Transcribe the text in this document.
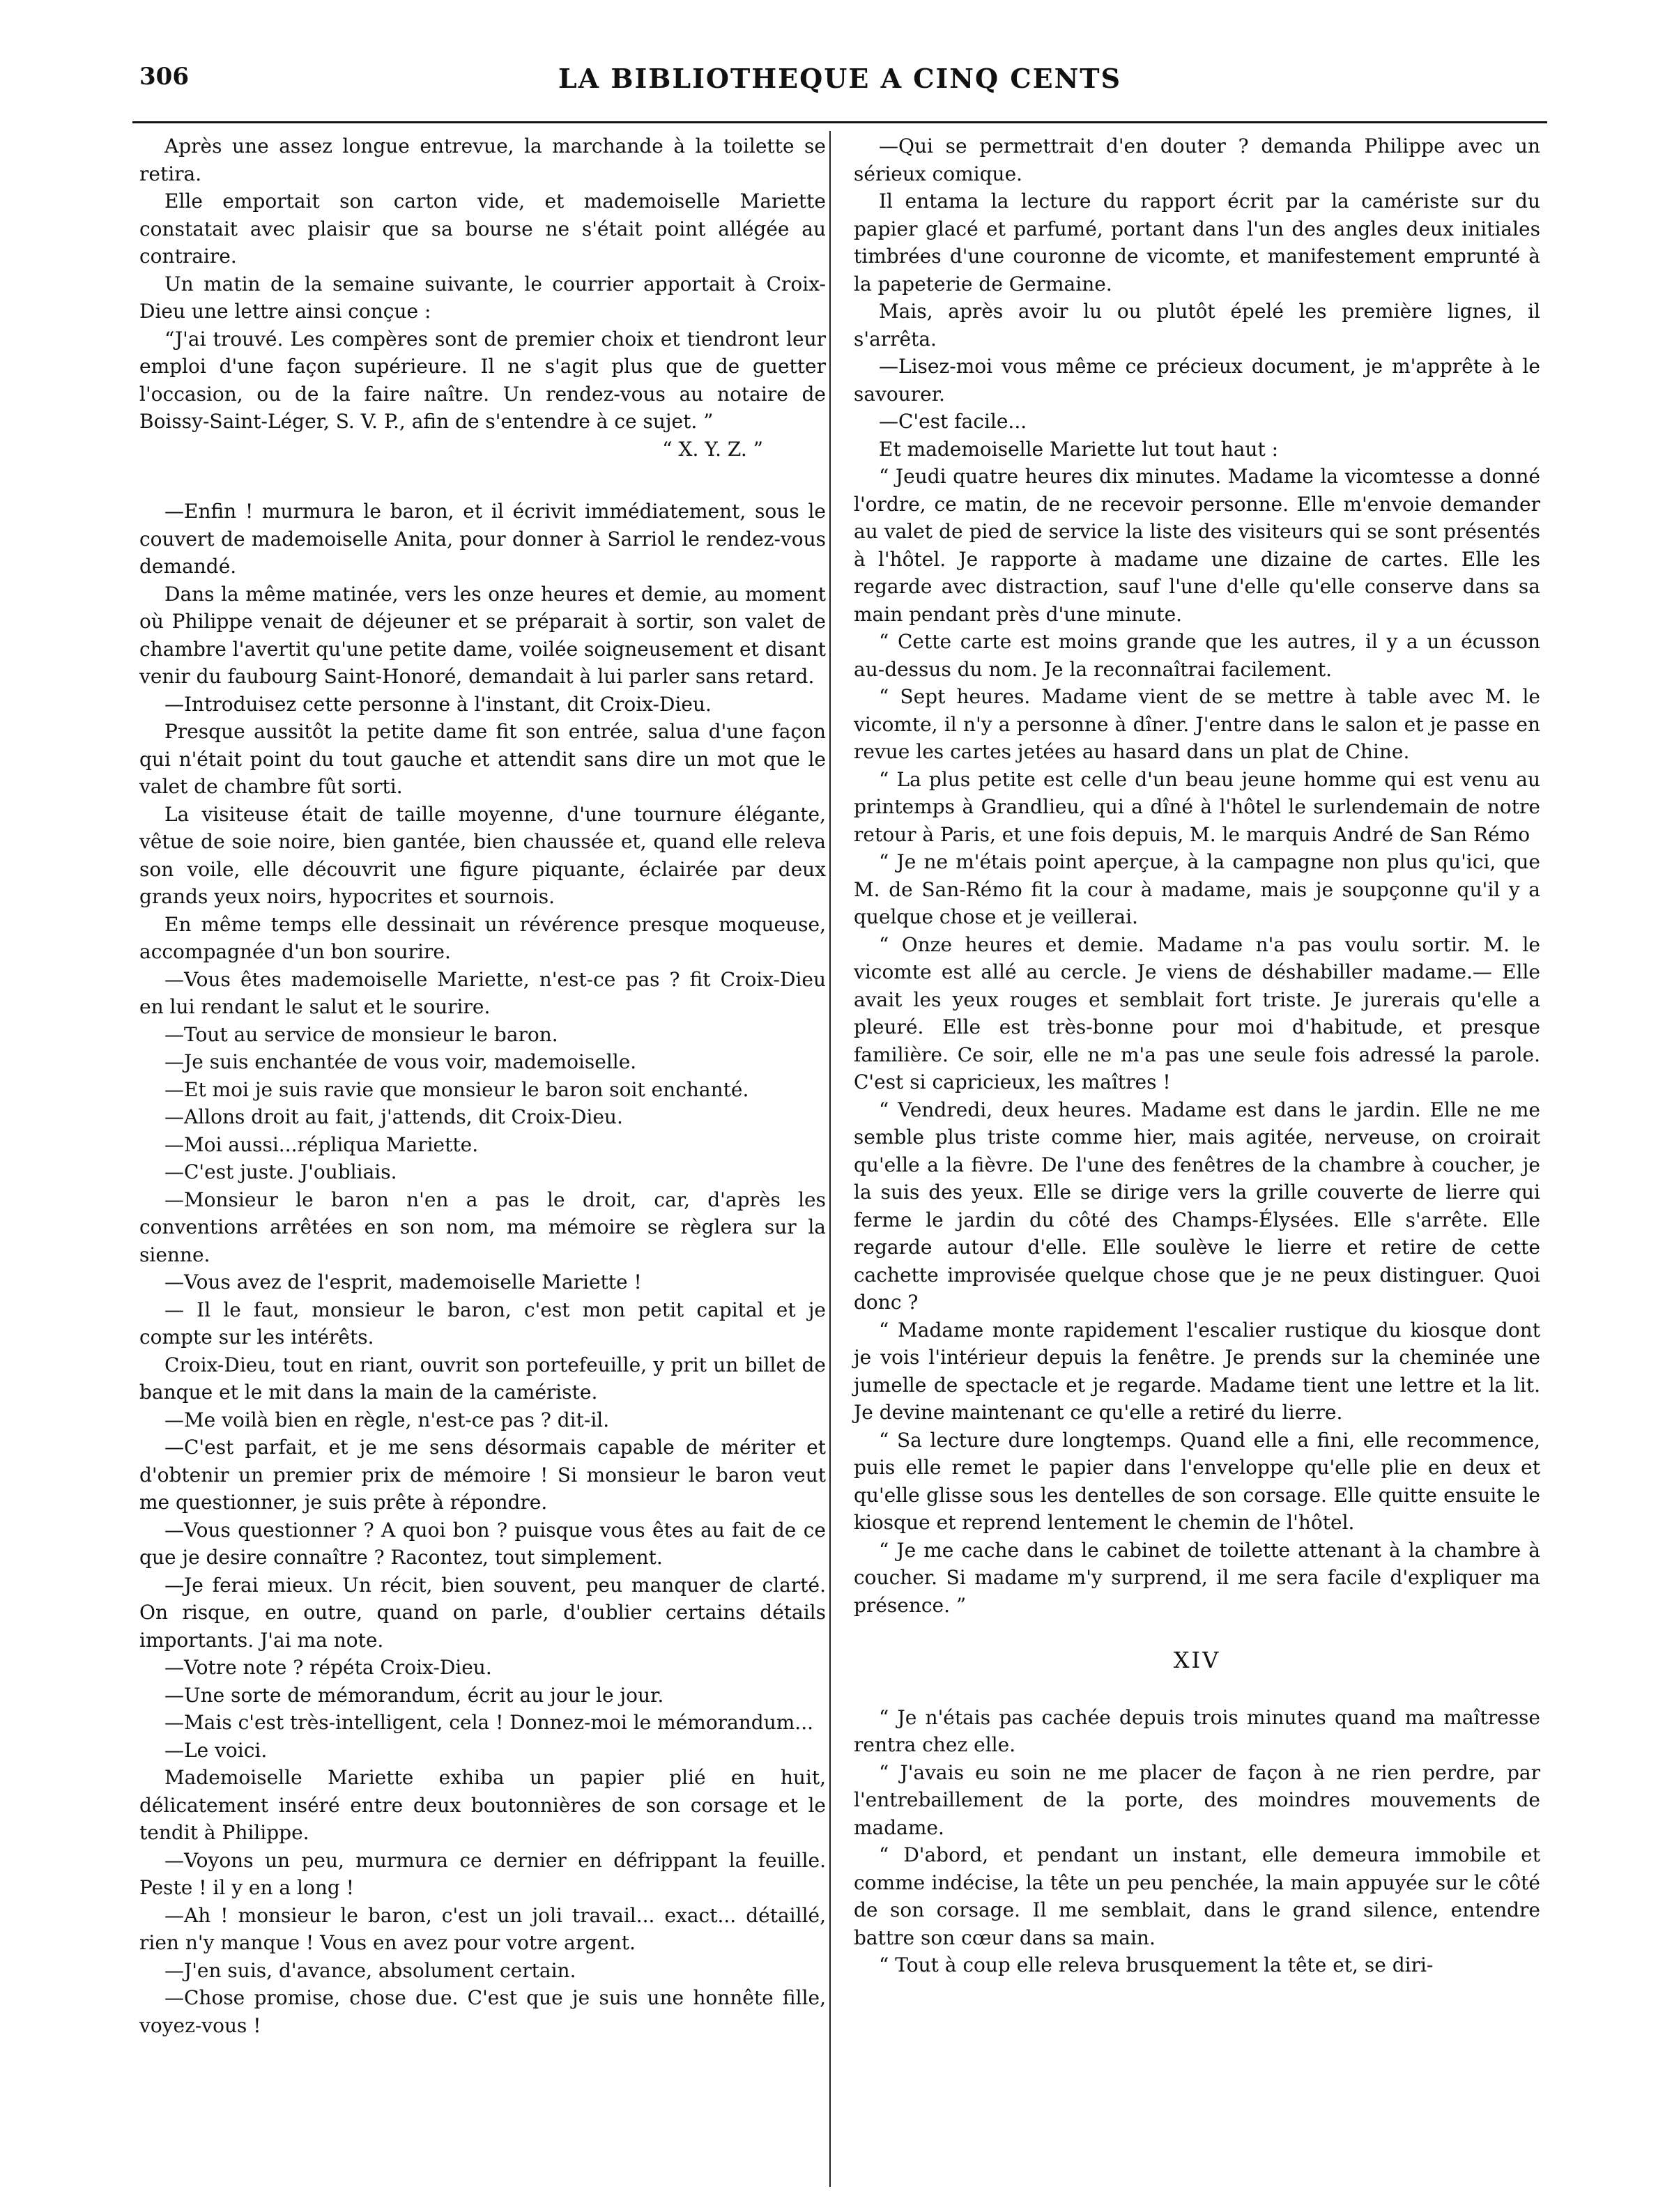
306	LA BIBLIOTHEQUE A CINQ CENTS

Après une assez longue entrevue, la marchande à la toilette se retira.

Elle emportait son carton vide, et mademoiselle Mariette constatait avec plaisir que sa bourse ne s'était point allégée au contraire.

Un matin de la semaine suivante, le courrier apportait à Croix-Dieu une lettre ainsi conçue :

“J'ai trouvé. Les compères sont de premier choix et tiendront leur emploi d'une façon supérieure. Il ne s'agit plus que de guetter l'occasion, ou de la faire naître. Un rendez-vous au notaire de Boissy-Saint-Léger, S. V. P., afin de s'entendre à ce sujet. ”

“ X. Y. Z. ”

—Enfin ! murmura le baron, et il écrivit immédiatement, sous le couvert de mademoiselle Anita, pour donner à Sarriol le rendez-vous demandé.

Dans la même matinée, vers les onze heures et demie, au moment où Philippe venait de déjeuner et se préparait à sortir, son valet de chambre l'avertit qu'une petite dame, voilée soigneusement et disant venir du faubourg Saint-Honoré, demandait à lui parler sans retard.

—Introduisez cette personne à l'instant, dit Croix-Dieu.

Presque aussitôt la petite dame fit son entrée, salua d'une façon qui n'était point du tout gauche et attendit sans dire un mot que le valet de chambre fût sorti.

La visiteuse était de taille moyenne, d'une tournure élégante, vêtue de soie noire, bien gantée, bien chaussée et, quand elle releva son voile, elle découvrit une figure piquante, éclairée par deux grands yeux noirs, hypocrites et sournois.

En même temps elle dessinait un révérence presque moqueuse, accompagnée d'un bon sourire.

—Vous êtes mademoiselle Mariette, n'est-ce pas ? fit Croix-Dieu en lui rendant le salut et le sourire.

—Tout au service de monsieur le baron.

—Je suis enchantée de vous voir, mademoiselle.

—Et moi je suis ravie que monsieur le baron soit enchanté.

—Allons droit au fait, j'attends, dit Croix-Dieu.

—Moi aussi...répliqua Mariette.

—C'est juste. J'oubliais.

—Monsieur le baron n'en a pas le droit, car, d'après les conventions arrêtées en son nom, ma mémoire se règlera sur la sienne.

—Vous avez de l'esprit, mademoiselle Mariette !

— Il le faut, monsieur le baron, c'est mon petit capital et je compte sur les intérêts.

Croix-Dieu, tout en riant, ouvrit son portefeuille, y prit un billet de banque et le mit dans la main de la caméristе.

—Me voilà bien en règle, n'est-ce pas ? dit-il.

—C'est parfait, et je me sens désormais capable de mériter et d'obtenir un premier prix de mémoire ! Si monsieur le baron veut me questionner, je suis prête à répondre.

—Vous questionner ? A quoi bon ? puisque vous êtes au fait de ce que je desire connaître ? Racontez, tout simplement.

—Je ferai mieux. Un récit, bien souvent, peu manquer de clarté. On risque, en outre, quand on parle, d'oublier certains détails importants. J'ai ma note.

—Votre note ? répéta Croix-Dieu.

—Une sorte de mémorandum, écrit au jour le jour.

—Mais c'est très-intelligent, cela ! Donnez-moi le mémorandum...

—Le voici.

Mademoiselle Mariette exhiba un papier plié en huit, délicatement inséré entre deux boutonnières de son corsage et le tendit à Philippe.

—Voyons un peu, murmura ce dernier en défrippant la feuille. Peste ! il y en a long !

—Ah ! monsieur le baron, c'est un joli travail... exact... détaillé, rien n'y manque ! Vous en avez pour votre argent.

—J'en suis, d'avance, absolument certain.

—Chose promise, chose due. C'est que je suis une honnête fille, voyez-vous !

—Qui se permettrait d'en douter ? demanda Philippe avec un sérieux comique.

Il entama la lecture du rapport écrit par la caméristе sur du papier glacé et parfumé, portant dans l'un des angles deux initiales timbrées d'une couronne de vicomte, et manifestement emprunté à la papeterie de Germaine.

Mais, après avoir lu ou plutôt épelé les première lignes, il s'arrêta.

—Lisez-moi vous même ce précieux document, je m'apprête à le savourer.

—C'est facile...

Et mademoiselle Mariette lut tout haut :

“ Jeudi quatre heures dix minutes. Madame la vicomtesse a donné l'ordre, ce matin, de ne recevoir personne. Elle m'envoie demander au valet de pied de service la liste des visiteurs qui se sont présentés à l'hôtel. Je rapporte à madame une dizaine de cartes. Elle les regarde avec distraction, sauf l'une d'elle qu'elle conserve dans sa main pendant près d'une minute.

“ Cette carte est moins grande que les autres, il y a un écusson au-dessus du nom. Je la reconnaîtrai facilement.

“ Sept heures. Madame vient de se mettre à table avec M. le vicomte, il n'y a personne à dîner. J'entre dans le salon et je passe en revue les cartes jetées au hasard dans un plat de Chine.

“ La plus petite est celle d'un beau jeune homme qui est venu au printemps à Grandlieu, qui a dîné à l'hôtel le surlendemain de notre retour à Paris, et une fois depuis, M. le marquis André de San Rémo

“ Je ne m'étais point aperçue, à la campagne non plus qu'ici, que M. de San-Rémo fit la cour à madame, mais je soupçonne qu'il y a quelque chose et je veillerai.

“ Onze heures et demie. Madame n'a pas voulu sortir. M. le vicomte est allé au cercle. Je viens de déshabiller madame.— Elle avait les yeux rouges et semblait fort triste. Je jurerais qu'elle a pleuré. Elle est très-bonne pour moi d'habitude, et presque familière. Ce soir, elle ne m'a pas une seule fois adressé la parole. C'est si capricieux, les maîtres !

“ Vendredi, deux heures. Madame est dans le jardin. Elle ne me semble plus triste comme hier, mais agitée, nerveuse, on croirait qu'elle a la fièvre. De l'une des fenêtres de la chambre à coucher, je la suis des yeux. Elle se dirige vers la grille couverte de lierre qui ferme le jardin du côté des Champs-Élysées. Elle s'arrête. Elle regarde autour d'elle. Elle soulève le lierre et retire de cette cachette improvisée quelque chose que je ne peux distinguer. Quoi donc ?

“ Madame monte rapidement l'escalier rustique du kiosque dont je vois l'intérieur depuis la fenêtre. Je prends sur la cheminée une jumelle de spectacle et je regarde. Madame tient une lettre et la lit. Je devine maintenant ce qu'elle a retiré du lierre.

“ Sa lecture dure longtemps. Quand elle a fini, elle recommence, puis elle remet le papier dans l'enveloppe qu'elle plie en deux et qu'elle glisse sous les dentelles de son corsage. Elle quitte ensuite le kiosque et reprend lentement le chemin de l'hôtel.

“ Je me cache dans le cabinet de toilette attenant à la chambre à coucher. Si madame m'y surprend, il me sera facile d'expliquer ma présence. ”

XIV

“ Je n'étais pas cachée depuis trois minutes quand ma maîtresse rentra chez elle.

“ J'avais eu soin ne me placer de façon à ne rien perdre, par l'entrebaillement de la porte, des moindres mouvements de madame.

“ D'abord, et pendant un instant, elle demeura immobile et comme indécise, la tête un peu penchée, la main appuyée sur le côté de son corsage. Il me semblait, dans le grand silence, entendre battre son cœur dans sa main.

“ Tout à coup elle releva brusquement la tête et, se diri-
